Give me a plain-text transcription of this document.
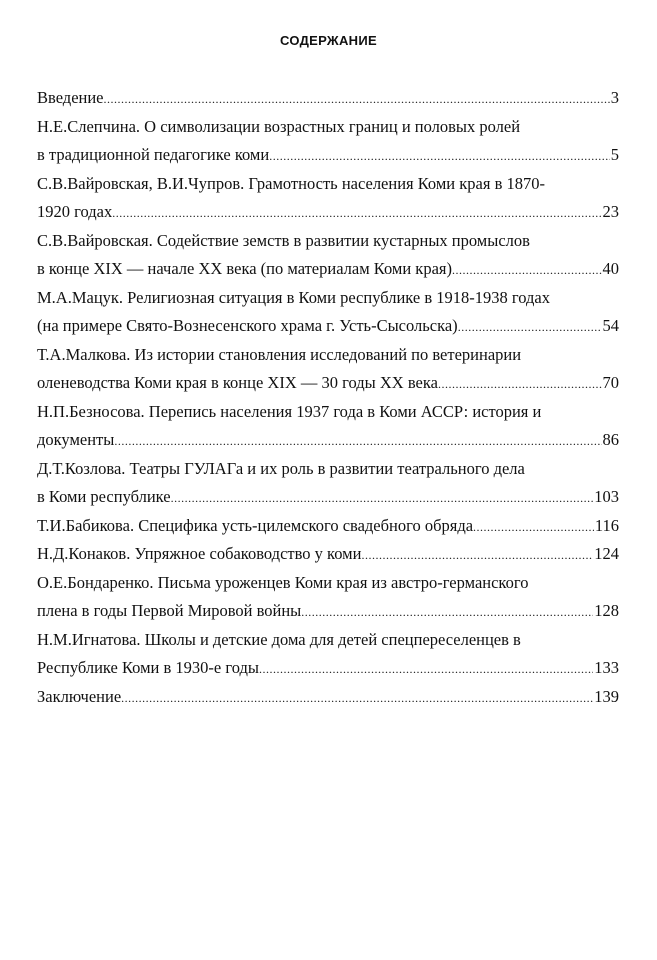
СОДЕРЖАНИЕ
Введение .....	3
Н.Е.Слепчина. О символизации возрастных границ и половых ролей
в традиционной педагогике коми .....	5
С.В.Вайровская, В.И.Чупров. Грамотность населения Коми края в 1870-
1920 годах .....	23
С.В.Вайровская. Содействие земств в развитии кустарных промыслов
в конце XIX — начале XX века (по материалам Коми края) .....	40
М.А.Мацук. Религиозная ситуация в Коми республике в 1918-1938 годах
(на примере Свято-Вознесенского храма г. Усть-Сысольска) .....	54
Т.А.Малкова. Из истории становления исследований по ветеринарии
оленеводства Коми края в конце XIX — 30 годы XX века .....	70
Н.П.Безносова. Перепись населения 1937 года в Коми АССР: история и
документы .....	86
Д.Т.Козлова. Театры ГУЛАГа и их роль в развитии театрального дела
в Коми республике .....	103
Т.И.Бабикова. Специфика усть-цилемского свадебного обряда .....	116
Н.Д.Конаков. Упряжное собаководство у коми .....	124
О.Е.Бондаренко. Письма уроженцев Коми края из австро-германского
плена в годы Первой Мировой войны .....	128
Н.М.Игнатова. Школы и детские дома для детей спецпереселенцев в
Республике Коми в 1930-е годы .....	133
Заключение .....	139
